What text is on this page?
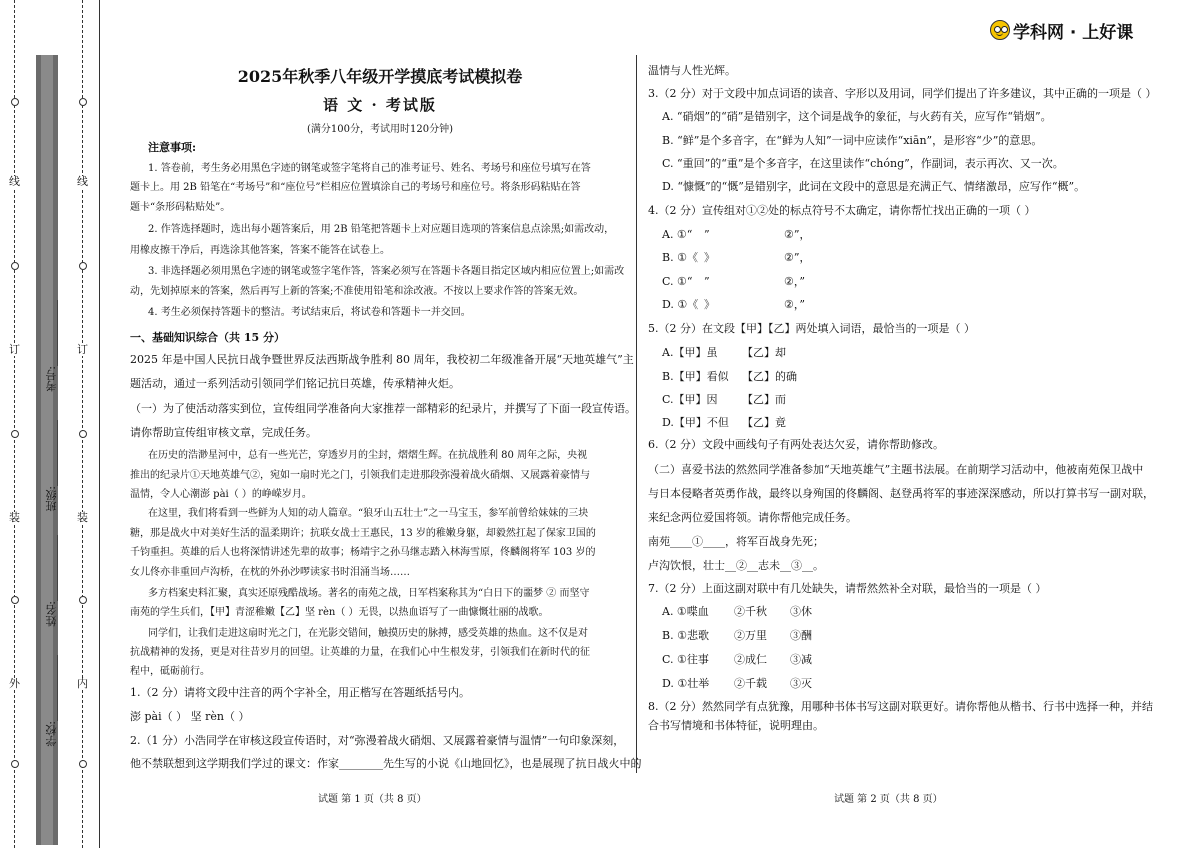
线
订
装
外
线
订
装
内
考号:____________
班级:____________
姓名:____________
学校:____________
学科网 · 上好课
2025年秋季八年级开学摸底考试模拟卷
语 文 · 考试版
(满分100分，考试用时120分钟)
注意事项:
1. 答卷前，考生务必用黑色字迹的钢笔或签字笔将自己的准考证号、姓名、考场号和座位号填写在答
题卡上。用 2B 铅笔在“考场号”和“座位号”栏相应位置填涂自己的考场号和座位号。将条形码粘贴在答
题卡“条形码粘贴处”。
2. 作答选择题时，选出每小题答案后，用 2B 铅笔把答题卡上对应题目选项的答案信息点涂黑;如需改动，
用橡皮擦干净后，再选涂其他答案，答案不能答在试卷上。
3. 非选择题必须用黑色字迹的钢笔或签字笔作答，答案必须写在答题卡各题目指定区域内相应位置上;如需改
动，先划掉原来的答案，然后再写上新的答案;不准使用铅笔和涂改液。不按以上要求作答的答案无效。
4. 考生必须保持答题卡的整洁。考试结束后，将试卷和答题卡一并交回。
一、基础知识综合（共 15 分）
2025 年是中国人民抗日战争暨世界反法西斯战争胜利 80 周年，我校初二年级准备开展“天地英雄气”主
题活动，通过一系列活动引领同学们铭记抗日英雄，传承精神火炬。
（一）为了使活动落实到位，宣传组同学准备向大家推荐一部精彩的纪录片，并撰写了下面一段宣传语。
请你帮助宣传组审核文章，完成任务。
在历史的浩渺星河中，总有一些光芒，穿透岁月的尘封，熠熠生辉。在抗战胜利 80 周年之际，央视
推出的纪录片①天地英雄气②，宛如一扇时光之门，引领我们走进那段弥漫着战火硝烟、又展露着豪情与
温情，令人心潮澎 pài（ ）的峥嵘岁月。
在这里，我们将看到一些鲜为人知的动人篇章。“狼牙山五壮士”之一马宝玉，参军前曾给妹妹的三块
糖，那是战火中对美好生活的温柔期许；抗联女战士王惠民，13 岁的稚嫩身躯，却毅然扛起了保家卫国的
千钧重担。英雄的后人也将深情讲述先辈的故事；杨靖宇之孙马继志踏入林海雪原，佟麟阁将军 103 岁的
女儿佟亦非重回卢沟桥，在枕的外孙沙啰读家书时泪涌当场……
多方档案史料汇聚，真实还原残酷战场。著名的南苑之战，日军档案称其为“白日下的噩梦 ② 而坚守
南苑的学生兵们，【甲】青涩稚嫩【乙】坚 rèn（ ）无畏，以热血语写了一曲慷慨壮丽的战歌。
同学们，让我们走进这扇时光之门，在光影交错间，触摸历史的脉搏，感受英雄的热血。这不仅是对
抗战精神的发扬，更是对往昔岁月的回望。让英雄的力量，在我们心中生根发芽，引领我们在新时代的征
程中，砥砺前行。
1.（2 分）请将文段中注音的两个字补全，用正楷写在答题纸括号内。
澎 pài（ ） 坚 rèn（ ）
2.（1 分）小浩同学在审核这段宣传语时，对“弥漫着战火硝烟、又展露着豪情与温情”一句印象深刻，
他不禁联想到这学期我们学过的课文：作家________先生写的小说《山地回忆》，也是展现了抗日战火中的
试题 第 1 页（共 8 页）
温情与人性光辉。
3.（2 分）对于文段中加点词语的读音、字形以及用词，同学们提出了许多建议，其中正确的一项是（ ）
A. “硝烟”的“硝”是错别字，这个词是战争的象征，与火药有关，应写作“销烟”。
B. “鲜”是个多音字，在“鲜为人知”一词中应读作“xiān”，是形容“少”的意思。
C. “重回”的“重”是个多音字，在这里读作“chóng”，作副词，表示再次、又一次。
D. “慷慨”的“慨”是错别字，此词在文段中的意思是充满正气、情绪激昂，应写作“概”。
4.（2 分）宣传组对①②处的标点符号不太确定，请你帮忙找出正确的一项（ ）
A. ①“ ”	②”，
B. ①《 》	②”，
C. ①“ ”	②，”
D. ①《 》	②，”
5.（2 分）在文段【甲】【乙】两处填入词语，最恰当的一项是（ ）
A.【甲】虽 【乙】却
B.【甲】看似 【乙】的确
C.【甲】因 【乙】而
D.【甲】不但 【乙】竟
6.（2 分）文段中画线句子有两处表达欠妥，请你帮助修改。
（二）喜爱书法的然然同学准备参加“天地英雄气”主题书法展。在前期学习活动中，他被南苑保卫战中
与日本侵略者英勇作战，最终以身殉国的佟麟阁、赵登禹将军的事迹深深感动，所以打算书写一副对联，
来纪念两位爱国将领。请你帮他完成任务。
南苑____①____，将军百战身先死；
卢沟饮恨，壮士__②__志未__③__。
7.（2 分）上面这副对联中有几处缺失，请帮然然补全对联，最恰当的一项是（ ）
A. ①喋血 ②千秋 ③休
B. ①悲歌 ②万里 ③酬
C. ①往事 ②成仁 ③减
D. ①壮举 ②千载 ③灭
8.（2 分）然然同学有点犹豫，用哪种书体书写这副对联更好。请你帮他从楷书、行书中选择一种，并结
合书写情境和书体特征，说明理由。
试题 第 2 页（共 8 页）
